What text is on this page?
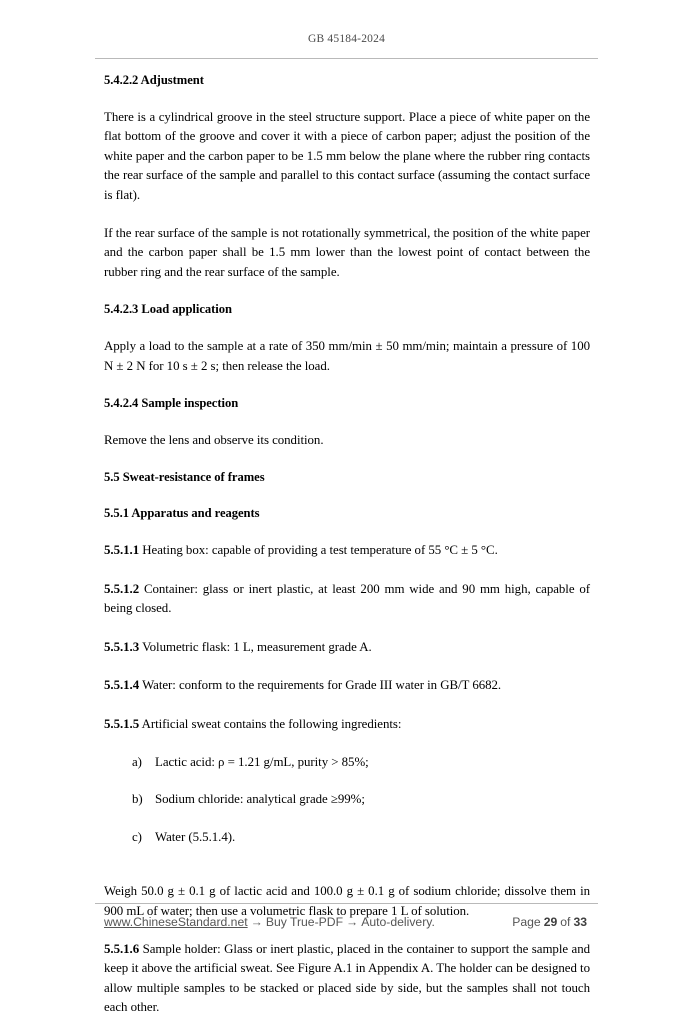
GB 45184-2024
5.4.2.2 Adjustment

There is a cylindrical groove in the steel structure support. Place a piece of white paper on the flat bottom of the groove and cover it with a piece of carbon paper; adjust the position of the white paper and the carbon paper to be 1.5 mm below the plane where the rubber ring contacts the rear surface of the sample and parallel to this contact surface (assuming the contact surface is flat).

If the rear surface of the sample is not rotationally symmetrical, the position of the white paper and the carbon paper shall be 1.5 mm lower than the lowest point of contact between the rubber ring and the rear surface of the sample.

5.4.2.3 Load application

Apply a load to the sample at a rate of 350 mm/min ± 50 mm/min; maintain a pressure of 100 N ± 2 N for 10 s ± 2 s; then release the load.

5.4.2.4 Sample inspection

Remove the lens and observe its condition.

5.5 Sweat-resistance of frames
5.5.1 Apparatus and reagents

5.5.1.1 Heating box: capable of providing a test temperature of 55 °C ± 5 °C.

5.5.1.2 Container: glass or inert plastic, at least 200 mm wide and 90 mm high, capable of being closed.

5.5.1.3 Volumetric flask: 1 L, measurement grade A.

5.5.1.4 Water: conform to the requirements for Grade III water in GB/T 6682.

5.5.1.5 Artificial sweat contains the following ingredients:

a) Lactic acid: ρ = 1.21 g/mL, purity > 85%;
b) Sodium chloride: analytical grade ≥99%;
c) Water (5.5.1.4).

Weigh 50.0 g ± 0.1 g of lactic acid and 100.0 g ± 0.1 g of sodium chloride; dissolve them in 900 mL of water; then use a volumetric flask to prepare 1 L of solution.

5.5.1.6 Sample holder: Glass or inert plastic, placed in the container to support the sample and keep it above the artificial sweat. See Figure A.1 in Appendix A. The holder can be designed to allow multiple samples to be stacked or placed side by side, but the samples shall not touch each other.

www.ChineseStandard.net → Buy True-PDF → Auto-delivery.	Page 29 of 33
